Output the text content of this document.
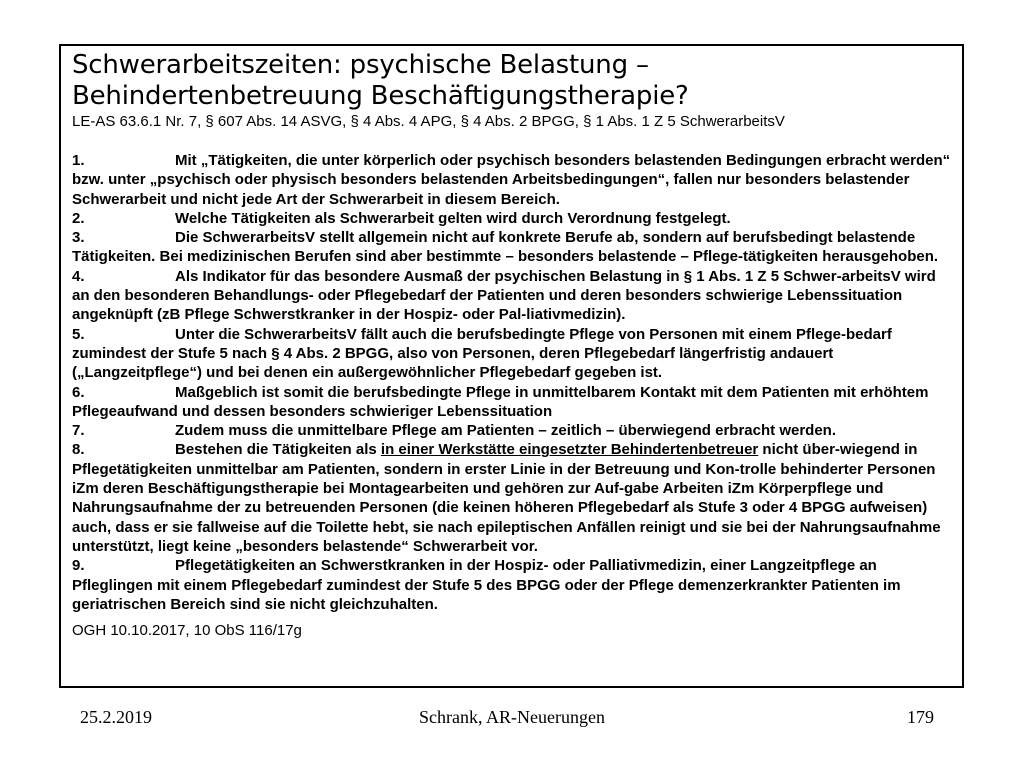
Schwerarbeitszeiten: psychische Belastung –
Behindertenbetreuung Beschäftigungstherapie?
LE-AS 63.6.1 Nr. 7, § 607 Abs. 14 ASVG, § 4 Abs. 4 APG, § 4 Abs. 2 BPGG, § 1 Abs. 1 Z 5 SchwerarbeitsV

1.	Mit „Tätigkeiten, die unter körperlich oder psychisch besonders belastenden Bedingungen erbracht werden“ bzw. unter „psychisch oder physisch besonders belastenden Arbeitsbedingungen“, fallen nur besonders belastender Schwerarbeit und nicht jede Art der Schwerarbeit in diesem Bereich.

2.	Welche Tätigkeiten als Schwerarbeit gelten wird durch Verordnung festgelegt.

3.	Die SchwerarbeitsV stellt allgemein nicht auf konkrete Berufe ab, sondern auf berufsbedingt belastende Tätigkeiten. Bei medizinischen Berufen sind aber bestimmte – besonders belastende – Pflege-tätigkeiten herausgehoben.

4.	Als Indikator für das besondere Ausmaß der psychischen Belastung in § 1 Abs. 1 Z 5 Schwer-arbeitsV wird an den besonderen Behandlungs- oder Pflegebedarf der Patienten und deren besonders schwierige Lebenssituation angeknüpft (zB Pflege Schwerstkranker in der Hospiz- oder Pal-liativmedizin).

5.	Unter die SchwerarbeitsV fällt auch die berufsbedingte Pflege von Personen mit einem Pflege-bedarf zumindest der Stufe 5 nach § 4 Abs. 2 BPGG, also von Personen, deren Pflegebedarf längerfristig andauert („Langzeitpflege“) und bei denen ein außergewöhnlicher Pflegebedarf gegeben ist.

6.	Maßgeblich ist somit die berufsbedingte Pflege in unmittelbarem Kontakt mit dem Patienten mit erhöhtem Pflegeaufwand und dessen besonders schwieriger Lebenssituation

7.	Zudem muss die unmittelbare Pflege am Patienten – zeitlich – überwiegend erbracht werden.

8.	Bestehen die Tätigkeiten als in einer Werkstätte eingesetzter Behindertenbetreuer nicht über-wiegend in Pflegetätigkeiten unmittelbar am Patienten, sondern in erster Linie in der Betreuung und Kon-trolle behinderter Personen iZm deren Beschäftigungstherapie bei Montagearbeiten und gehören zur Auf-gabe Arbeiten iZm Körperpflege und Nahrungsaufnahme der zu betreuenden Personen (die keinen höheren Pflegebedarf als Stufe 3 oder 4 BPGG aufweisen) auch, dass er sie fallweise auf die Toilette hebt, sie nach epileptischen Anfällen reinigt und sie bei der Nahrungsaufnahme unterstützt, liegt keine „besonders belastende“ Schwerarbeit vor.

9.	Pflegetätigkeiten an Schwerstkranken in der Hospiz- oder Palliativmedizin, einer Langzeitpflege an Pfleglingen mit einem Pflegebedarf zumindest der Stufe 5 des BPGG oder der Pflege demenzerkrankter Patienten im geriatrischen Bereich sind sie nicht gleichzuhalten.

OGH 10.10.2017, 10 ObS 116/17g
25.2.2019	Schrank, AR-Neuerungen	179
